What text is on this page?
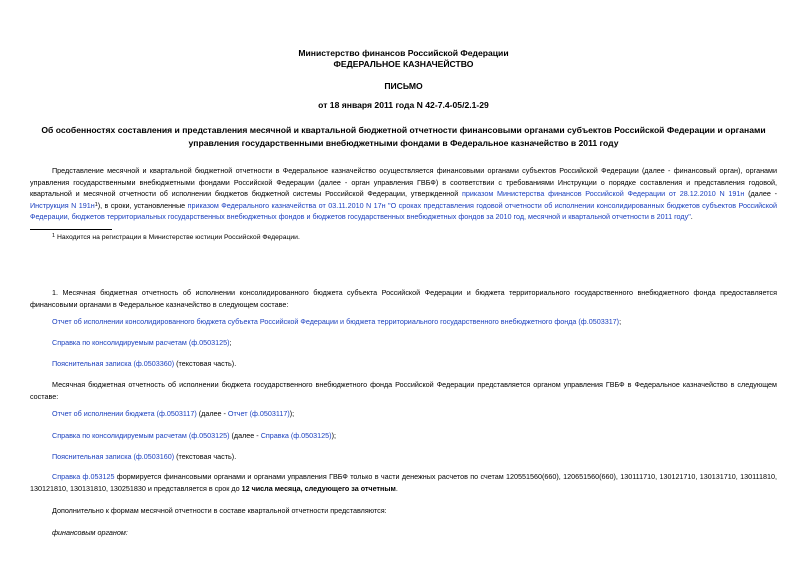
Министерство финансов Российской Федерации
ФЕДЕРАЛЬНОЕ КАЗНАЧЕЙСТВО
ПИСЬМО
от 18 января 2011 года N 42-7.4-05/2.1-29
Об особенностях составления и представления месячной и квартальной бюджетной отчетности финансовыми органами субъектов Российской Федерации и органами управления государственными внебюджетными фондами в Федеральное казначейство в 2011 году
Представление месячной и квартальной бюджетной отчетности в Федеральное казначейство осуществляется финансовыми органами субъектов Российской Федерации (далее - финансовый орган), органами управления государственными внебюджетными фондами Российской Федерации (далее - орган управления ГВБФ) в соответствии с требованиями Инструкции о порядке составления и представления годовой, квартальной и месячной отчетности об исполнении бюджетов бюджетной системы Российской Федерации, утвержденной приказом Министерства финансов Российской Федерации от 28.12.2010 N 191н (далее - Инструкция N $191н^1$), в сроки, установленные приказом Федерального казначейства от 03.11.2010 N 17н "О сроках представления годовой отчетности об исполнении консолидированных бюджетов субъектов Российской Федерации, бюджетов территориальных государственных внебюджетных фондов и бюджетов государственных внебюджетных фондов за 2010 год, месячной и квартальной отчетности в 2011 году".
$^1$ Находится на регистрации в Министерстве юстиции Российской Федерации.
1. Месячная бюджетная отчетность об исполнении консолидированного бюджета субъекта Российской Федерации и бюджета территориального государственного внебюджетного фонда предоставляется финансовыми органами в Федеральное казначейство в следующем составе:
Отчет об исполнении консолидированного бюджета субъекта Российской Федерации и бюджета территориального государственного внебюджетного фонда (ф.0503317);
Справка по консолидируемым расчетам (ф.0503125);
Пояснительная записка (ф.0503360) (текстовая часть).
Месячная бюджетная отчетность об исполнении бюджета государственного внебюджетного фонда Российской Федерации представляется органом управления ГВБФ в Федеральное казначейство в следующем составе:
Отчет об исполнении бюджета (ф.0503117) (далее - Отчет (ф.0503117));
Справка по консолидируемым расчетам (ф.0503125) (далее - Справка (ф.0503125));
Пояснительная записка (ф.0503160) (текстовая часть).
Справка ф.053125 формируется финансовыми органами и органами управления ГВБФ только в части денежных расчетов по счетам 120551560(660), 120651560(660), 130111710, 130121710, 130131710, 130111810, 130121810, 130131810, 130251830 и представляется в срок до 12 числа месяца, следующего за отчетным.
Дополнительно к формам месячной отчетности в составе квартальной отчетности представляются:
финансовым органом:
